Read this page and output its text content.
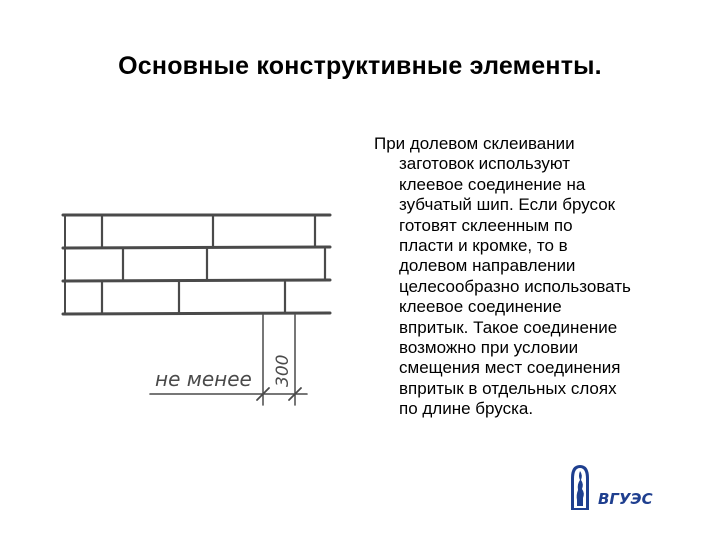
Основные конструктивные элементы.
При долевом склеивании
заготовок используют
клеевое соединение на
зубчатый шип. Если брусок
готовят склеенным по
пласти и кромке, то в
долевом направлении
целесообразно использовать
клеевое соединение
впритык. Такое соединение
возможно при условии
смещения мест соединения
впритык в отдельных слоях
по длине бруска.
не менее 300
ВГУЭС
